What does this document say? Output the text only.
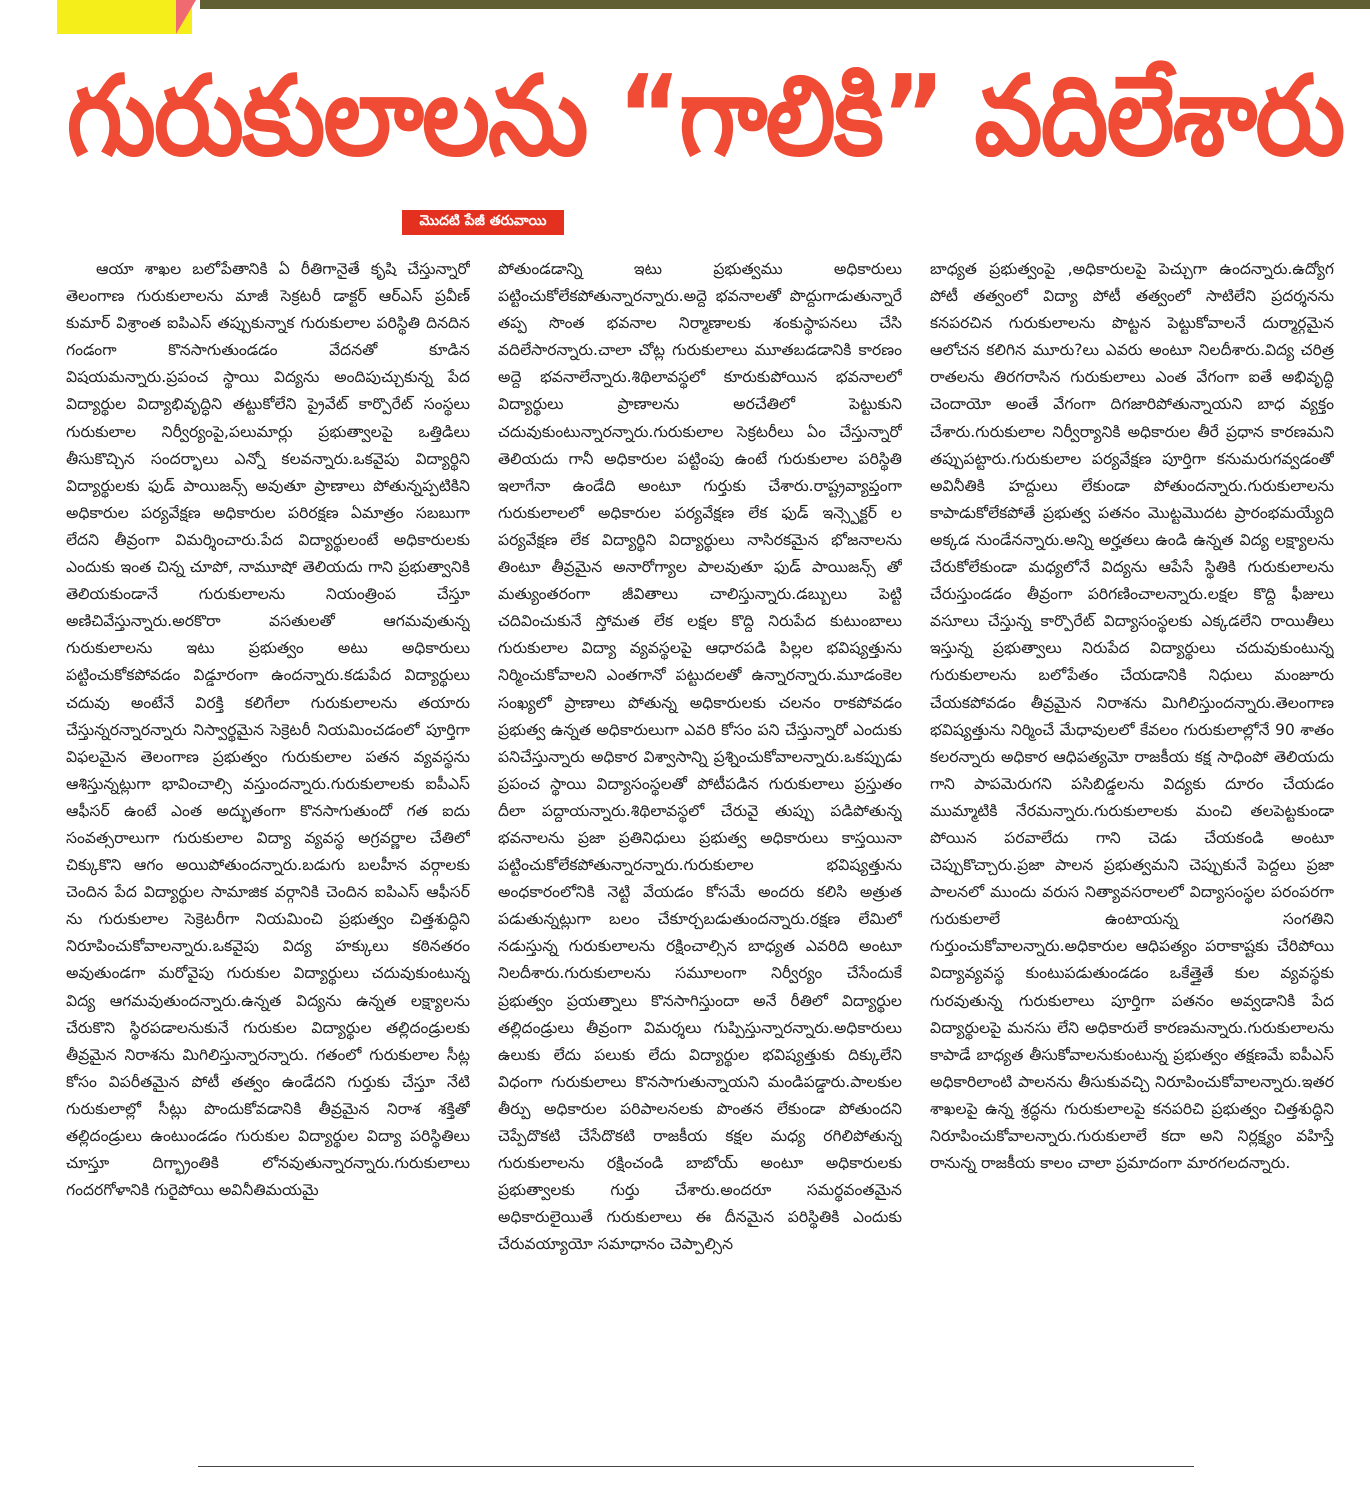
గురుకులాలను “గాలికి” వదిలేశారు
మొదటి పేజీ తరువాయి

ఆయా శాఖల బలోపేతానికి ఏ రీతిగానైతే కృషి చేస్తున్నారో తెలంగాణ గురుకులాలను మాజీ సెక్రటరీ డాక్టర్ ఆర్ఎస్ ప్రవీణ్ కుమార్ విశ్రాంత ఐపిఎస్ తప్పుకున్నాక గురుకులాల పరిస్థితి దినదిన గండంగా కొనసాగుతుండడం వేదనతో కూడిన విషయమన్నారు.ప్రపంచ స్థాయి విద్యను అందిపుచ్చుకున్న పేద విద్యార్థుల విద్యాభివృద్ధిని తట్టుకోలేని ప్రైవేట్ కార్పొరేట్ సంస్థలు గురుకులాల నిర్వీర్యంపై,పలుమార్లు ప్రభుత్వాలపై ఒత్తిడిలు తీసుకొచ్చిన సందర్భాలు ఎన్నో కలవన్నారు.ఒకవైపు విద్యార్థిని విద్యార్థులకు ఫుడ్ పాయిజన్స్ అవుతూ ప్రాణాలు పోతున్నప్పటికిని అధికారుల పర్యవేక్షణ అధికారుల పరిరక్షణ ఏమాత్రం సబబుగా లేదని తీవ్రంగా విమర్శించారు.పేద విద్యార్థులంటే అధికారులకు ఎందుకు ఇంత చిన్న చూపో, నామూషో తెలియదు గాని ప్రభుత్వానికి తెలియకుండానే గురుకులాలను నియంత్రింప చేస్తూ అణిచివేస్తున్నారు.అరకొరా వసతులతో ఆగమవుతున్న గురుకులాలను ఇటు ప్రభుత్వం అటు అధికారులు పట్టించుకోకపోవడం విడ్డూరంగా ఉందన్నారు.కడుపేద విద్యార్థులు చదువు అంటేనే విరక్తి కలిగేలా గురుకులాలను తయారు చేస్తున్నరన్నారన్నారు నిస్వార్థమైన సెక్రెటరీ నియమించడంలో పూర్తిగా విఫలమైన తెలంగాణ ప్రభుత్వం గురుకులాల పతన వ్యవస్థను ఆశిస్తున్నట్లుగా భావించాల్సి వస్తుందన్నారు.గురుకులాలకు ఐపీఎస్ ఆఫీసర్ ఉంటే ఎంత అద్భుతంగా కొనసాగుతుందో గత ఐదు సంవత్సరాలుగా గురుకులాల విద్యా వ్యవస్థ అగ్రవర్ణాల చేతిలో చిక్కుకొని ఆగం అయిపోతుందన్నారు.బడుగు బలహీన వర్గాలకు చెందిన పేద విద్యార్థుల సామాజిక వర్గానికి చెందిన ఐపిఎస్ ఆఫీసర్ ను గురుకులాల సెక్రెటరీగా నియమించి ప్రభుత్వం చిత్తశుద్ధిని నిరూపించుకోవాలన్నారు.ఒకవైపు విద్య హక్కులు కఠినతరం అవుతుండగా మరోవైపు గురుకుల విద్యార్థులు చదువుకుంటున్న విద్య ఆగమవుతుందన్నారు.ఉన్నత విద్యను ఉన్నత లక్ష్యాలను చేరుకొని స్థిరపడాలనుకునే గురుకుల విద్యార్థుల తల్లిదండ్రులకు తీవ్రమైన నిరాశను మిగిలిస్తున్నారన్నారు. గతంలో గురుకులాల సీట్ల కోసం విపరీతమైన పోటీ తత్వం ఉండేదని గుర్తుకు చేస్తూ నేటి గురుకులాల్లో సీట్లు పొందుకోవడానికి తీవ్రమైన నిరాశ శక్తితో తల్లిదండ్రులు ఉంటుండడం గురుకుల విద్యార్థుల విద్యా పరిస్థితిలు చూస్తూ దిగ్భ్రాంతికి లోనవుతున్నారన్నారు.గురుకులాలు గందరగోళానికి గురైపోయి అవినీతిమయమై

పోతుండడాన్ని ఇటు ప్రభుత్వము అధికారులు పట్టించుకోలేకపోతున్నారన్నారు.అద్దె భవనాలతో పొద్దుగాడుతున్నారే తప్ప సొంత భవనాల నిర్మాణాలకు శంకుస్థాపనలు చేసి వదిలేసారన్నారు.చాలా చోట్ల గురుకులాలు మూతబడడానికి కారణం అద్దె భవనాలేన్నారు.శిథిలావస్థలో కూరుకుపోయిన భవనాలలో విద్యార్థులు ప్రాణాలను అరచేతిలో పెట్టుకుని చదువుకుంటున్నారన్నారు.గురుకులాల సెక్రటరీలు ఏం చేస్తున్నారో తెలియదు గానీ అధికారుల పట్టింపు ఉంటే గురుకులాల పరిస్థితి ఇలాగేనా ఉండేది అంటూ గుర్తుకు చేశారు.రాష్ట్రవ్యాప్తంగా గురుకులాలలో అధికారుల పర్యవేక్షణ లేక ఫుడ్ ఇన్స్పెక్టర్ ల పర్యవేక్షణ లేక విద్యార్థిని విద్యార్థులు నాసిరకమైన భోజనాలను తింటూ తీవ్రమైన అనారోగ్యాల పాలవుతూ ఫుడ్ పాయిజన్స్ తో మత్యుంతరంగా జీవితాలు చాలిస్తున్నారు.డబ్బులు పెట్టి చదివించుకునే స్తోమత లేక లక్షల కొద్ది నిరుపేద కుటుంబాలు గురుకులాల విద్యా వ్యవస్థలపై ఆధారపడి పిల్లల భవిష్యత్తును నిర్మించుకోవాలని ఎంతగానో పట్టుదలతో ఉన్నారన్నారు.మూడంకెల సంఖ్యలో ప్రాణాలు పోతున్న అధికారులకు చలనం రాకపోవడం ప్రభుత్వ ఉన్నత అధికారులుగా ఎవరి కోసం పని చేస్తున్నారో ఎందుకు పనిచేస్తున్నారు అధికార విశ్వాసాన్ని ప్రశ్నించుకోవాలన్నారు.ఒకప్పుడు ప్రపంచ స్థాయి విద్యాసంస్థలతో పోటీపడిన గురుకులాలు ప్రస్తుతం దీలా పద్దాయన్నారు.శిథిలావస్థలో చేరువై తుప్పు పడిపోతున్న భవనాలను ప్రజా ప్రతినిధులు ప్రభుత్వ అధికారులు కాస్తయినా పట్టించుకోలేకపోతున్నారన్నారు.గురుకులాల భవిష్యత్తును అంధకారంలోనికి నెట్టి వేయడం కోసమే అందరు కలిసి అత్రుత పడుతున్నట్లుగా బలం చేకూర్చబడుతుందన్నారు.రక్షణ లేమిలో నడుస్తున్న గురుకులాలను రక్షించాల్సిన బాధ్యత ఎవరిది అంటూ నిలదీశారు.గురుకులాలను సమూలంగా నిర్వీర్యం చేసేందుకే ప్రభుత్వం ప్రయత్నాలు కొనసాగిస్తుందా అనే రీతిలో విద్యార్థుల తల్లిదండ్రులు తీవ్రంగా విమర్శలు గుప్పిస్తున్నారన్నారు.అధికారులు ఉలుకు లేదు పలుకు లేదు విద్యార్థుల భవిష్యత్తుకు దిక్కులేని విధంగా గురుకులాలు కొనసాగుతున్నాయని మండిపడ్డారు.పాలకుల తీర్పు అధికారుల పరిపాలనలకు పొంతన లేకుండా పోతుందని చెప్పేదొకటి చేసేదొకటి రాజకీయ కక్షల మధ్య రగిలిపోతున్న గురుకులాలను రక్షించండి బాబోయ్ అంటూ అధికారులకు ప్రభుత్వాలకు గుర్తు చేశారు.అందరూ సమర్థవంతమైన అధికారులైయితే గురుకులాలు ఈ దీనమైన పరిస్థితికి ఎందుకు చేరువయ్యాయో సమాధానం చెప్పాల్సిన

బాధ్యత ప్రభుత్వంపై ,అధికారులపై పెచ్చుగా ఉందన్నారు.ఉద్యోగ పోటీ తత్వంలో విద్యా పోటీ తత్వంలో సాటిలేని ప్రదర్శనను కనపరచిన గురుకులాలను పొట్టన పెట్టుకోవాలనే దుర్మార్గమైన ఆలోచన కలిగిన మూరు?లు ఎవరు అంటూ నిలదీశారు.విద్య చరిత్ర రాతలను తిరగరాసిన గురుకులాలు ఎంత వేగంగా ఐతే అభివృద్ధి చెందాయో అంతే వేగంగా దిగజారిపోతున్నాయని బాధ వ్యక్తం చేశారు.గురుకులాల నిర్వీర్యానికి అధికారుల తీరే ప్రధాన కారణమని తప్పుపట్టారు.గురుకులాల పర్యవేక్షణ పూర్తిగా కనుమరుగవ్వడంతో అవినీతికి హద్దులు లేకుండా పోతుందన్నారు.గురుకులాలను కాపాడుకోలేకపోతే ప్రభుత్వ పతనం మొట్టమొదట ప్రారంభమయ్యేది అక్కడ నుండేనన్నారు.అన్ని అర్హతలు ఉండి ఉన్నత విద్య లక్ష్యాలను చేరుకోలేకుండా మధ్యలోనే విద్యను ఆపేసే స్థితికి గురుకులాలను చేరుస్తుండడం తీవ్రంగా పరిగణించాలన్నారు.లక్షల కొద్ది ఫీజులు వసూలు చేస్తున్న కార్పొరేట్ విద్యాసంస్థలకు ఎక్కడలేని రాయితీలు ఇస్తున్న ప్రభుత్వాలు నిరుపేద విద్యార్థులు చదువుకుంటున్న గురుకులాలను బలోపేతం చేయడానికి నిధులు మంజూరు చేయకపోవడం తీవ్రమైన నిరాశను మిగిలిస్తుందన్నారు.తెలంగాణ భవిష్యత్తును నిర్మించే మేధావులలో కేవలం గురుకులాల్లోనే 90 శాతం కలరన్నారు అధికార ఆధిపత్యమో రాజకీయ కక్ష సాధింపో తెలియదు గాని పాపమెరుగని పసిబిడ్డలను విద్యకు దూరం చేయడం ముమ్మాటికి నేరమన్నారు.గురుకులాలకు మంచి తలపెట్టకుండా పోయిన పరవాలేదు గాని చెడు చేయకండి అంటూ చెప్పుకొచ్చారు.ప్రజా పాలన ప్రభుత్వమని చెప్పుకునే పెద్దలు ప్రజా పాలనలో ముందు వరుస నిత్యావసరాలలో విద్యాసంస్థల పరంపరగా గురుకులాలే ఉంటాయన్న సంగతిని గుర్తుంచుకోవాలన్నారు.అధికారుల ఆధిపత్యం పరాకాష్టకు చేరిపోయి విద్యావ్యవస్థ కుంటుపడుతుండడం ఒకేత్తైతే కుల వ్యవస్థకు గురవుతున్న గురుకులాలు పూర్తిగా పతనం అవ్వడానికి పేద విద్యార్థులపై మనసు లేని అధికారులే కారణమన్నారు.గురుకులాలను కాపాడే బాధ్యత తీసుకోవాలనుకుంటున్న ప్రభుత్వం తక్షణమే ఐపీఎస్ అధికారిలాంటి పాలనను తీసుకువచ్చి నిరూపించుకోవాలన్నారు.ఇతర శాఖలపై ఉన్న శ్రద్ధను గురుకులాలపై కనపరిచి ప్రభుత్వం చిత్తశుద్ధిని నిరూపించుకోవాలన్నారు.గురుకులాలే కదా అని నిర్లక్ష్యం వహిస్తే రానున్న రాజకీయ కాలం చాలా ప్రమాదంగా మారగలదన్నారు.
